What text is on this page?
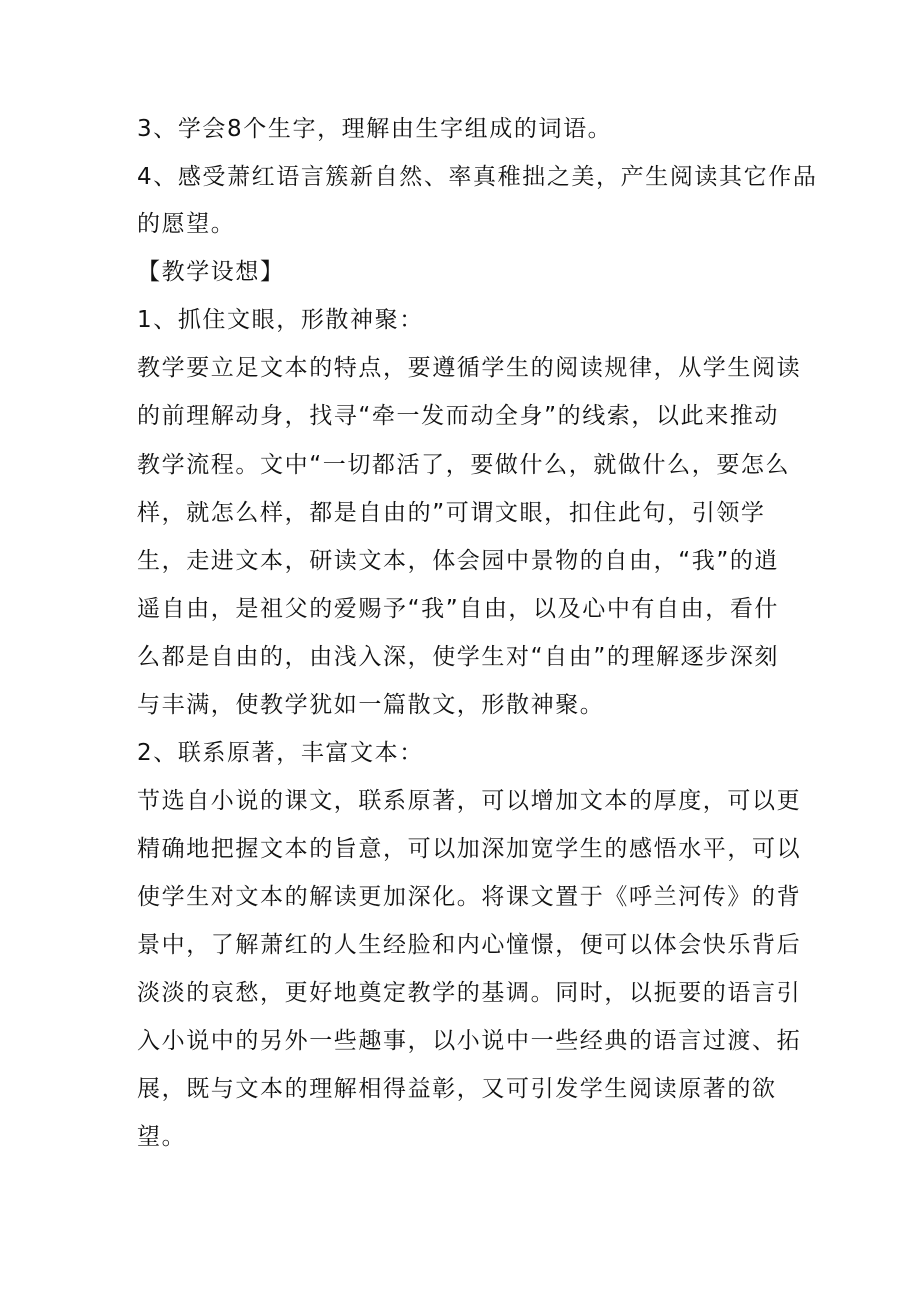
3、学会8个生字，理解由生字组成的词语。
4、感受萧红语言簇新自然、率真稚拙之美，产生阅读其它作品
的愿望。
【教学设想】
1、抓住文眼，形散神聚：
教学要立足文本的特点，要遵循学生的阅读规律，从学生阅读
的前理解动身，找寻“牵一发而动全身”的线索，以此来推动
教学流程。文中“一切都活了，要做什么，就做什么，要怎么
样，就怎么样，都是自由的”可谓文眼，扣住此句，引领学
生，走进文本，研读文本，体会园中景物的自由，“我”的逍
遥自由，是祖父的爱赐予“我”自由，以及心中有自由，看什
么都是自由的，由浅入深，使学生对“自由”的理解逐步深刻
与丰满，使教学犹如一篇散文，形散神聚。
2、联系原著，丰富文本：
节选自小说的课文，联系原著，可以增加文本的厚度，可以更
精确地把握文本的旨意，可以加深加宽学生的感悟水平，可以
使学生对文本的解读更加深化。将课文置于《呼兰河传》的背
景中，了解萧红的人生经脸和内心憧憬，便可以体会快乐背后
淡淡的哀愁，更好地奠定教学的基调。同时，以扼要的语言引
入小说中的另外一些趣事，以小说中一些经典的语言过渡、拓
展，既与文本的理解相得益彰，又可引发学生阅读原著的欲
望。
